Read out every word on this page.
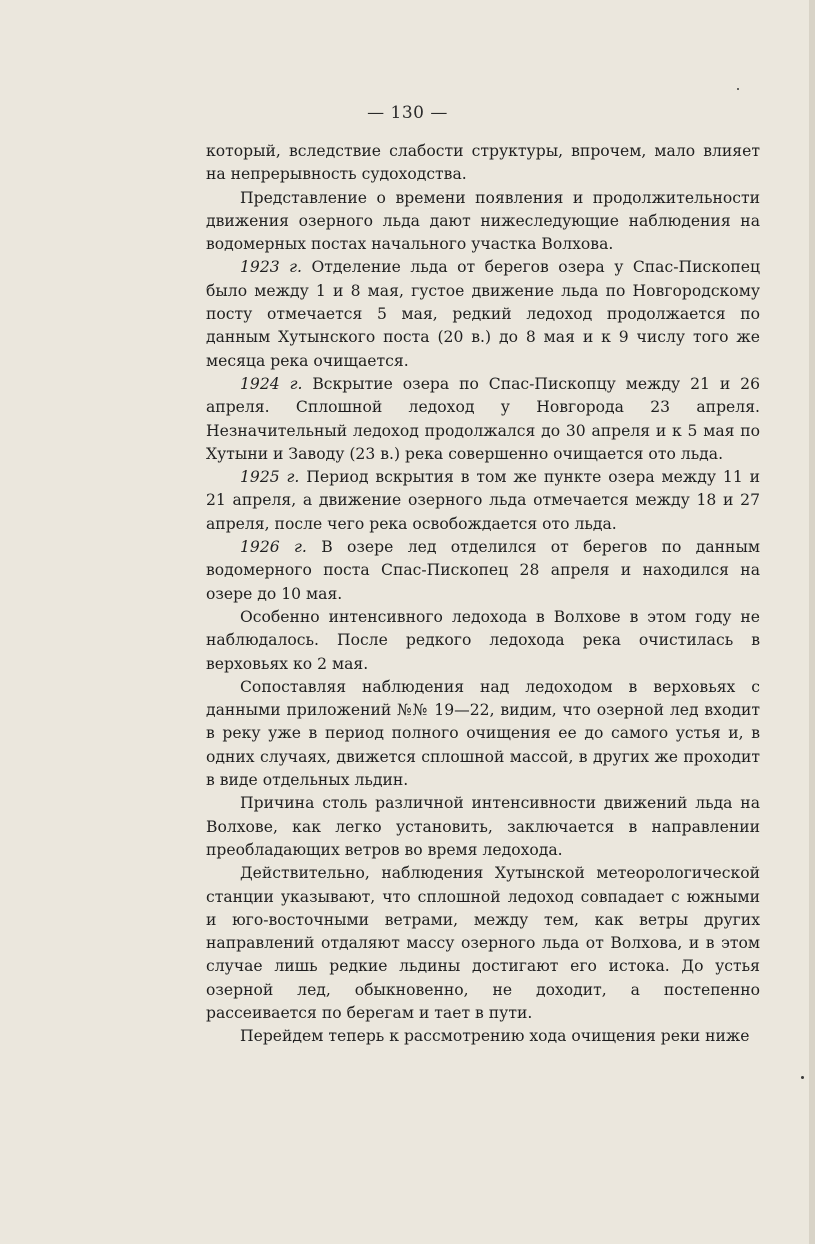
— 130 —

который, вследствие слабости структуры, впрочем, мало влияет на непрерывность судоходства.

Представление о времени появления и продолжительности движения озерного льда дают нижеследующие наблюдения на водомерных постах начального участка Волхова.

1923 г. Отделение льда от берегов озера у Спас-Пископец было между 1 и 8 мая, густое движение льда по Новгородскому посту отмечается 5 мая, редкий ледоход продолжается по данным Хутынского поста (20 в.) до 8 мая и к 9 числу того же месяца река очищается.

1924 г. Вскрытие озера по Спас-Пископцу между 21 и 26 апреля. Сплошной ледоход у Новгорода 23 апреля. Незначительный ледоход продолжался до 30 апреля и к 5 мая по Хутыни и Заводу (23 в.) река совершенно очищается ото льда.

1925 г. Период вскрытия в том же пункте озера между 11 и 21 апреля, а движение озерного льда отмечается между 18 и 27 апреля, после чего река освобождается ото льда.

1926 г. В озере лед отделился от берегов по данным водомерного поста Спас-Пископец 28 апреля и находился на озере до 10 мая.

Особенно интенсивного ледохода в Волхове в этом году не наблюдалось. После редкого ледохода река очистилась в верховьях ко 2 мая.

Сопоставляя наблюдения над ледоходом в верховьях с данными приложений №№ 19—22, видим, что озерной лед входит в реку уже в период полного очищения ее до самого устья и, в одних случаях, движется сплошной массой, в других же проходит в виде отдельных льдин.

Причина столь различной интенсивности движений льда на Волхове, как легко установить, заключается в направлении преобладающих ветров во время ледохода.

Действительно, наблюдения Хутынской метеорологической станции указывают, что сплошной ледоход совпадает с южными и юго-восточными ветрами, между тем, как ветры других направлений отдаляют массу озерного льда от Волхова, и в этом случае лишь редкие льдины достигают его истока. До устья озерной лед, обыкновенно, не доходит, а постепенно рассеивается по берегам и тает в пути.

Перейдем теперь к рассмотрению хода очищения реки ниже
